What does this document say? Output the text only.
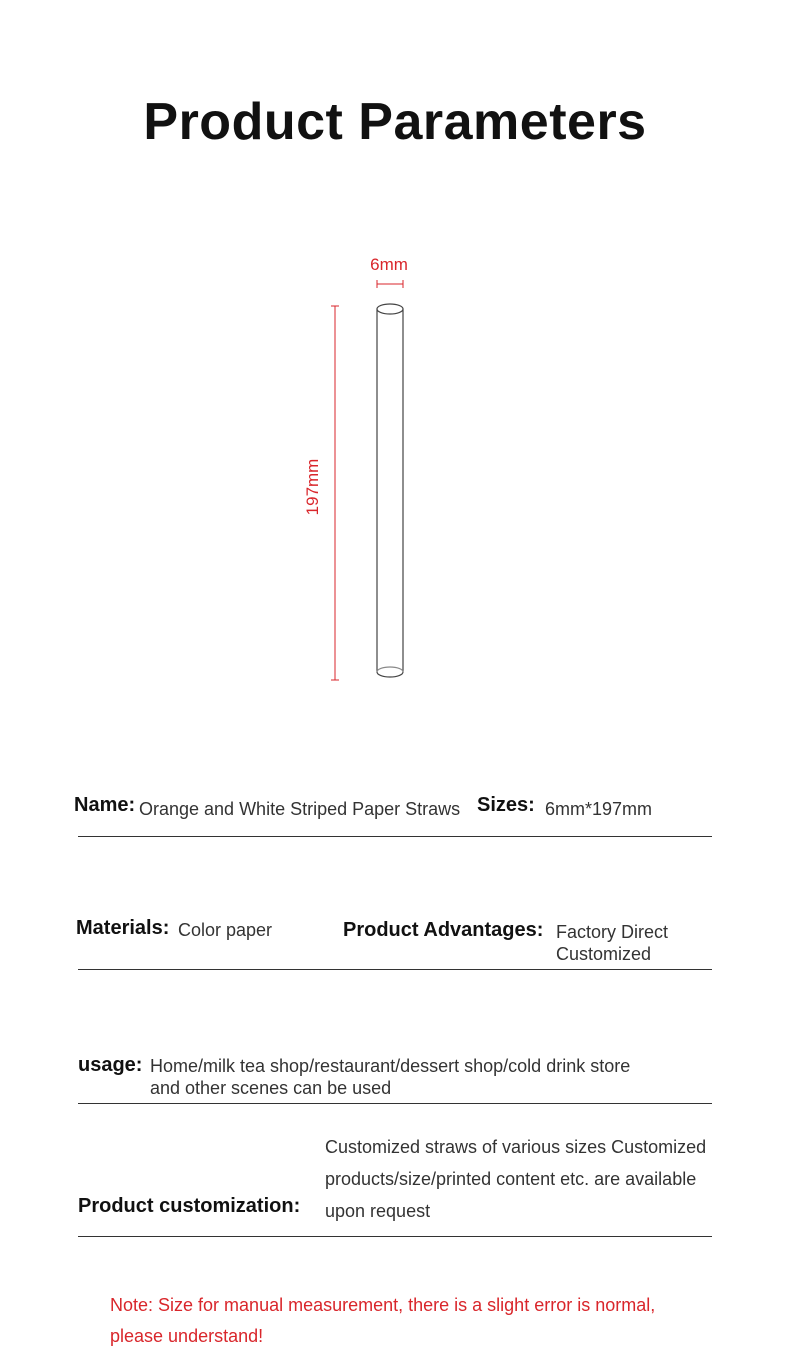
Product Parameters
6mm
197mm
Name: Orange and White Striped Paper Straws Sizes: 6mm*197mm
Materials: Color paper	Product Advantages: Factory Direct
Customized
usage: Home/milk tea shop/restaurant/dessert shop/cold drink store
and other scenes can be used
Product customization:
Customized straws of various sizes Customized
products/size/printed content etc. are available
upon request
Note: Size for manual measurement, there is a slight error is normal,
please understand!
